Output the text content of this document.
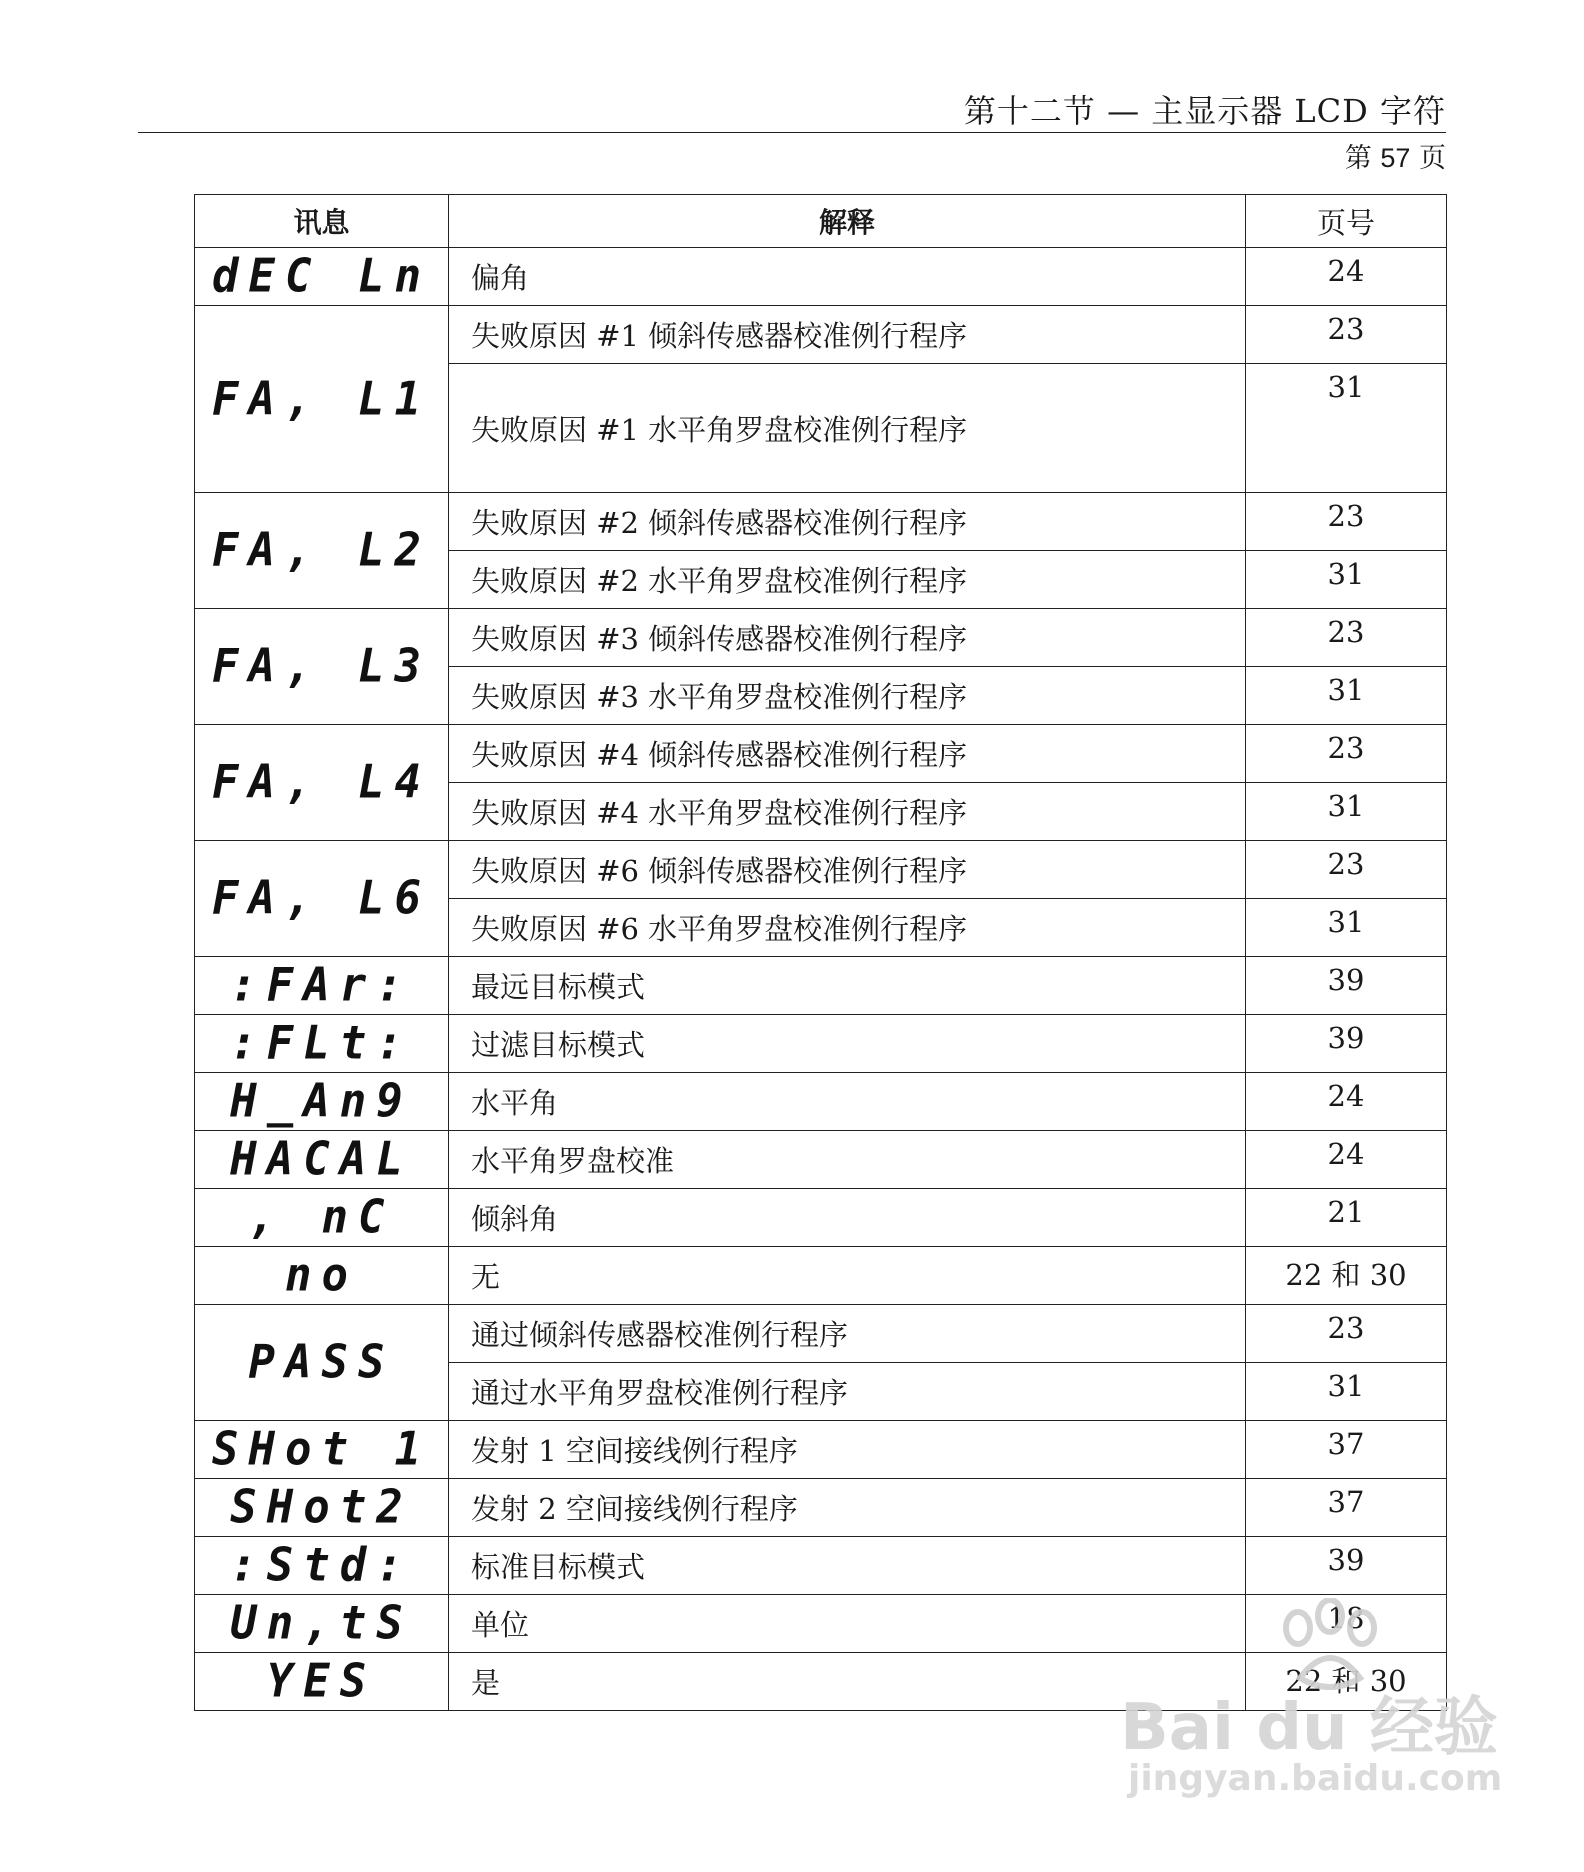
第十二节 — 主显示器 LCD 字符
第 57 页
讯息	解释	页号
dEC Ln	偏角	24
FA, L1	失败原因 #1 倾斜传感器校准例行程序	23
	失败原因 #1 水平角罗盘校准例行程序	31
FA, L2	失败原因 #2 倾斜传感器校准例行程序	23
	失败原因 #2 水平角罗盘校准例行程序	31
FA, L3	失败原因 #3 倾斜传感器校准例行程序	23
	失败原因 #3 水平角罗盘校准例行程序	31
FA, L4	失败原因 #4 倾斜传感器校准例行程序	23
	失败原因 #4 水平角罗盘校准例行程序	31
FA, L6	失败原因 #6 倾斜传感器校准例行程序	23
	失败原因 #6 水平角罗盘校准例行程序	31
:FAr:	最远目标模式	39
:FLt:	过滤目标模式	39
H_An9	水平角	24
HACAL	水平角罗盘校准	24
, nC	倾斜角	21
no	无	22 和 30
PASS	通过倾斜传感器校准例行程序	23
	通过水平角罗盘校准例行程序	31
SHot 1	发射 1 空间接线例行程序	37
SHot2	发射 2 空间接线例行程序	37
:Std:	标准目标模式	39
Un,tS	单位	18
YES	是	22 和 30
Bai du 经验
jingyan.baidu.com
